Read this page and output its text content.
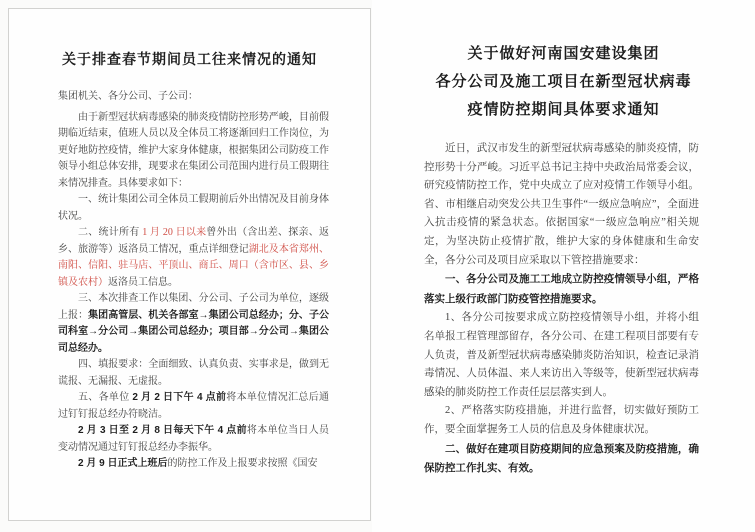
关于排查春节期间员工往来情况的通知

集团机关、各分公司、子公司：

由于新型冠状病毒感染的肺炎疫情防控形势严峻，目前假期临近结束，值班人员以及全体员工将逐渐回归工作岗位，为更好地防控疫情，维护大家身体健康，根据集团公司防疫工作领导小组总体安排，现要求在集团公司范围内进行员工假期往来情况排查。具体要求如下：

一、统计集团公司全体员工假期前后外出情况及目前身体状况。

二、统计所有 1 月 20 日以来曾外出（含出差、探亲、返乡、旅游等）返洛员工情况，重点详细登记湖北及本省郑州、南阳、信阳、驻马店、平顶山、商丘、周口（含市区、县、乡镇及农村）返洛员工信息。

三、本次排查工作以集团、分公司、子公司为单位，逐级上报：集团高管层、机关各部室→集团公司总经办；分、子公司科室→分公司→集团公司总经办；项目部→分公司→集团公司总经办。

四、填报要求：全面细致、认真负责、实事求是，做到无谎报、无漏报、无虚报。

五、各单位 2 月 2 日下午 4 点前将本单位情况汇总后通过钉钉报总经办符晓洁。

2 月 3 日至 2 月 8 日每天下午 4 点前将本单位当日人员变动情况通过钉钉报总经办李振华。

2 月 9 日正式上班后的防控工作及上报要求按照《国安

关于做好河南国安建设集团
各分公司及施工项目在新型冠状病毒
疫情防控期间具体要求通知

近日，武汉市发生的新型冠状病毒感染的肺炎疫情，防控形势十分严峻。习近平总书记主持中央政治局常委会议，研究疫情防控工作，党中央成立了应对疫情工作领导小组。省、市相继启动突发公共卫生事件“一级应急响应”，全面进入抗击疫情的紧急状态。依据国家“一级应急响应”相关规定，为坚决防止疫情扩散，维护大家的身体健康和生命安全，各分公司及项目应采取以下管控措施要求：

一、各分公司及施工工地成立防控疫情领导小组，严格落实上级行政部门防疫管控措施要求。

1、各分公司按要求成立防控疫情领导小组，并将小组名单报工程管理部留存，各分公司、在建工程项目部要有专人负责，普及新型冠状病毒感染肺炎防治知识，检查记录消毒情况、人员体温、来人来访出入等级等，使新型冠状病毒感染的肺炎防控工作责任层层落实到人。

2、严格落实防疫措施，并进行监督，切实做好预防工作，要全面掌握务工人员的信息及身体健康状况。

二、做好在建项目防疫期间的应急预案及防疫措施，确保防控工作扎实、有效。
